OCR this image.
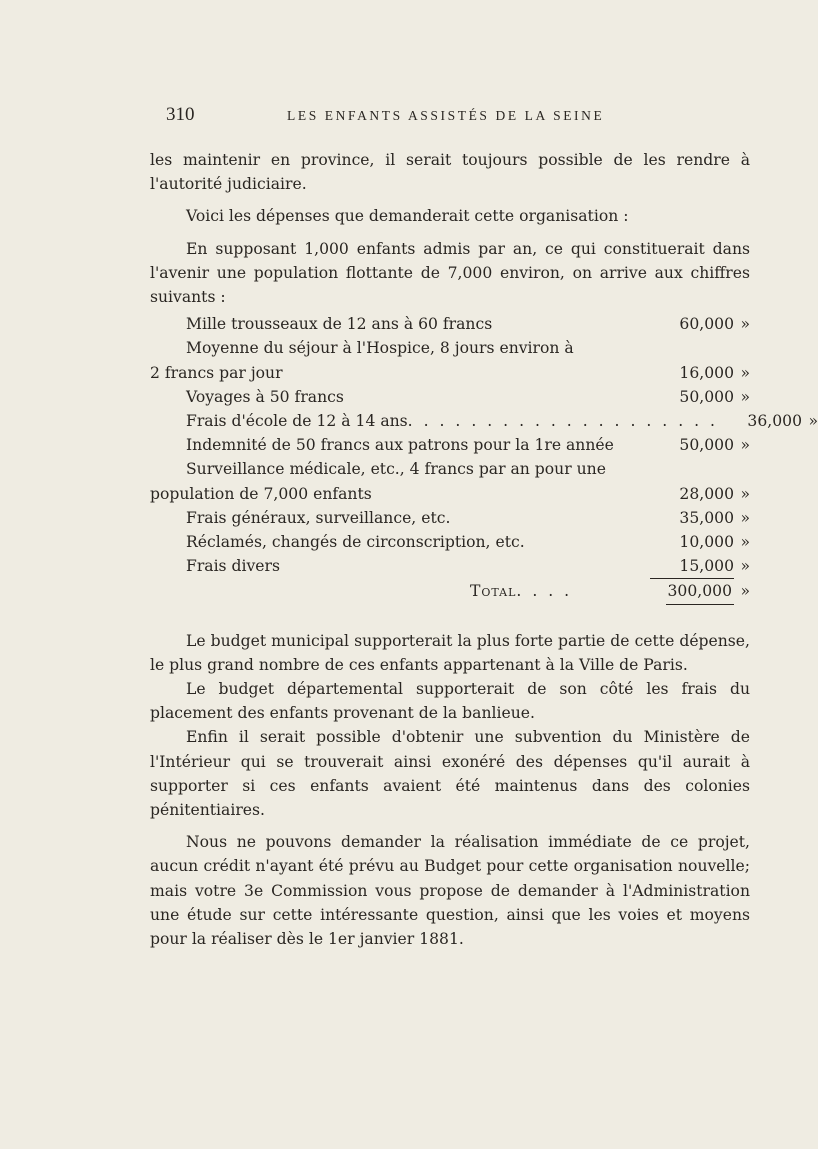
310	LES ENFANTS ASSISTÉS DE LA SEINE

les maintenir en province, il serait toujours possible de les rendre à l'autorité judiciaire.

Voici les dépenses que demanderait cette organisation :

En supposant 1,000 enfants admis par an, ce qui constituerait dans l'avenir une population flottante de 7,000 environ, on arrive aux chiffres suivants :

Mille trousseaux de 12 ans à 60 francs	60,000 »
Moyenne du séjour à l'Hospice, 8 jours environ à
2 francs par jour	16,000 »
Voyages à 50 francs	50,000 »
Frais d'école de 12 à 14 ans . . . . . . . . . . . . . . . . . . . .	36,000 »
Indemnité de 50 francs aux patrons pour la 1re année	50,000 »
Surveillance médicale, etc., 4 francs par an pour une
population de 7,000 enfants	28,000 »
Frais généraux, surveillance, etc.	35,000 »
Réclamés, changés de circonscription, etc.	10,000 »
Frais divers	15,000 »
Total . . . .	300,000 »

Le budget municipal supporterait la plus forte partie de cette dépense, le plus grand nombre de ces enfants appartenant à la Ville de Paris.

Le budget départemental supporterait de son côté les frais du placement des enfants provenant de la banlieue.

Enfin il serait possible d'obtenir une subvention du Ministère de l'Intérieur qui se trouverait ainsi exonéré des dépenses qu'il aurait à supporter si ces enfants avaient été maintenus dans des colonies pénitentiaires.

Nous ne pouvons demander la réalisation immédiate de ce projet, aucun crédit n'ayant été prévu au Budget pour cette organisation nouvelle; mais votre 3e Commission vous propose de demander à l'Administration une étude sur cette intéressante question, ainsi que les voies et moyens pour la réaliser dès le 1er janvier 1881.
